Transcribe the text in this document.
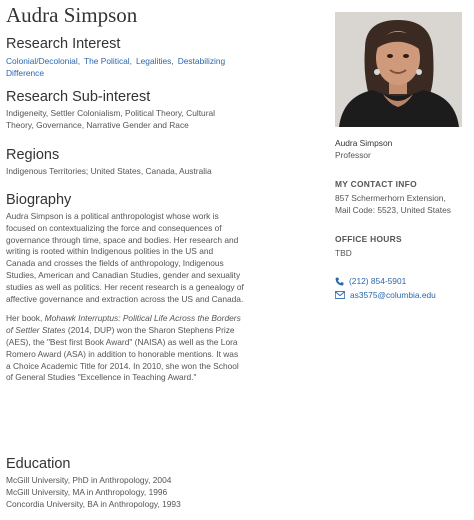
Audra Simpson
Research Interest
Colonial/Decolonial, The Political, Legalities, Destabilizing Difference
Research Sub-interest

Indigeneity, Settler Colonialism, Political Theory, Cultural Theory, Governance, Narrative Gender and Race

Regions

Indigenous Territories; United States, Canada, Australia

Biography

Audra Simpson is a political anthropologist whose work is focused on contextualizing the force and consequences of governance through time, space and bodies. Her research and writing is rooted within Indigenous polities in the US and Canada and crosses the fields of anthropology, Indigenous Studies, American and Canadian Studies, gender and sexuality studies as well as politics. Her recent research is a genealogy of affective governance and extraction across the US and Canada.

Her book, Mohawk Interruptus: Political Life Across the Borders of Settler States (2014, DUP) won the Sharon Stephens Prize (AES), the "Best first Book Award" (NAISA) as well as the Lora Romero Award (ASA) in addition to honorable mentions. It was a Choice Academic Title for 2014. In 2010, she won the School of General Studies "Excellence in Teaching Award."

Education
McGill University, PhD in Anthropology, 2004
McGill University, MA in Anthropology, 1996
Concordia University, BA in Anthropology, 1993
Audra Simpson
Professor
MY CONTACT INFO
857 Schermerhorn Extension,
Mail Code: 5523, United States
OFFICE HOURS
TBD
(212) 854-5901
as3575@columbia.edu
